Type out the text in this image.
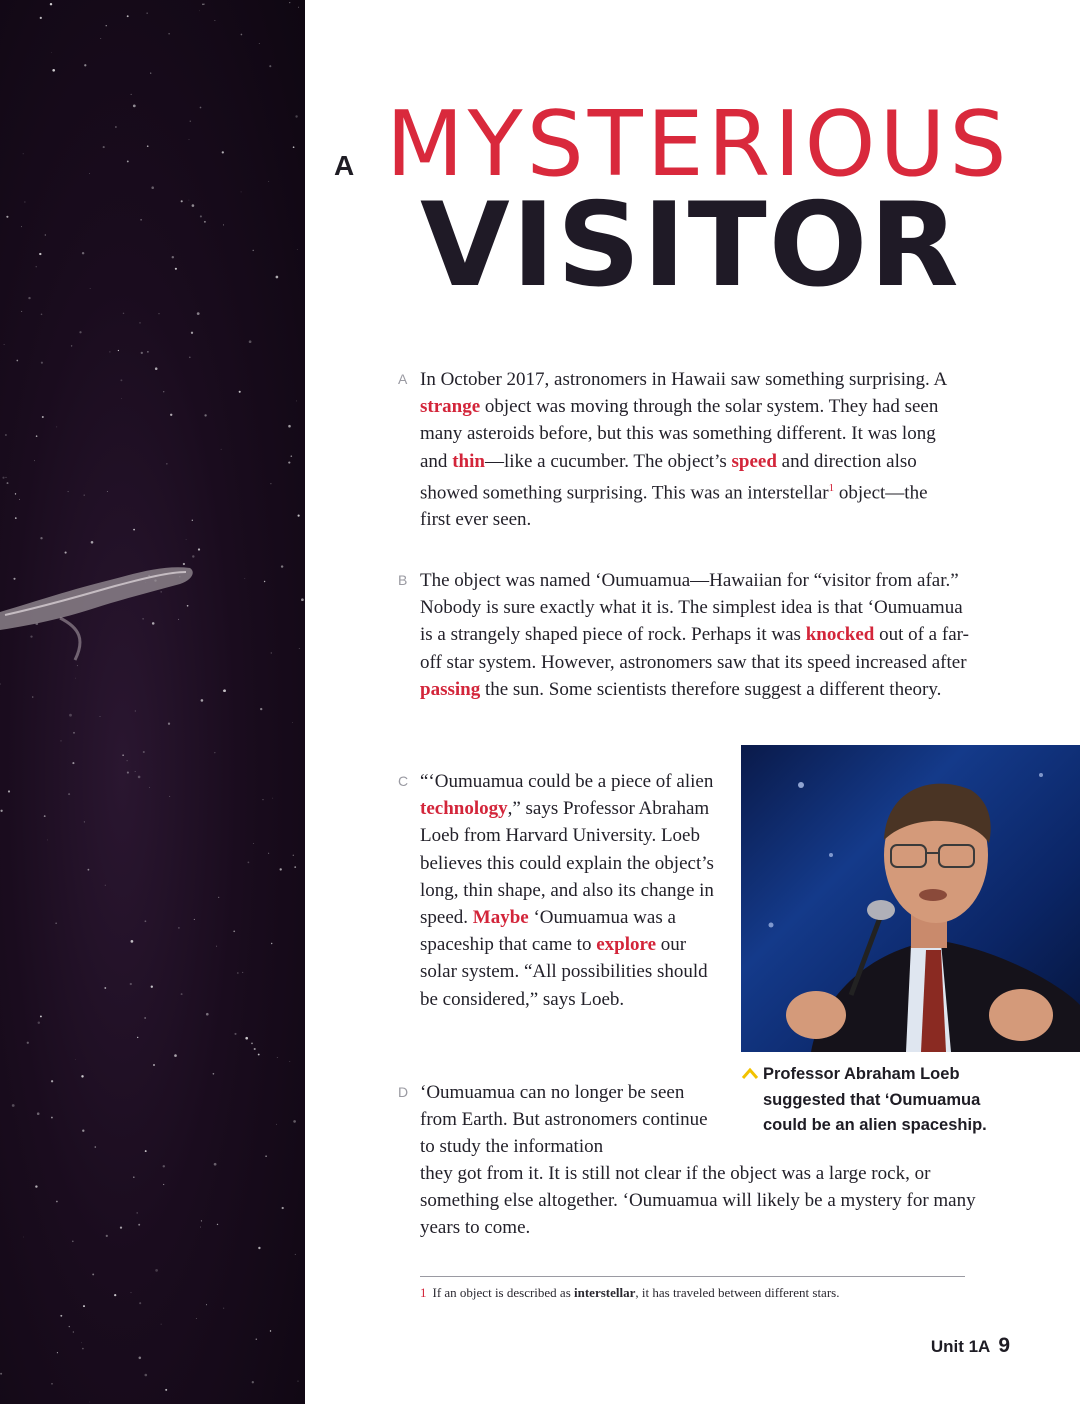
A MYSTERIOUS
VISITOR
A In October 2017, astronomers in Hawaii saw something surprising. A strange object was moving through the solar system. They had seen many asteroids before, but this was something different. It was long and thin—like a cucumber. The object’s speed and direction also showed something surprising. This was an interstellar$^1$ object—the first ever seen.
B The object was named ‘Oumuamua—Hawaiian for “visitor from afar.” Nobody is sure exactly what it is. The simplest idea is that ‘Oumuamua is a strangely shaped piece of rock. Perhaps it was knocked out of a far-off star system. However, astronomers saw that its speed increased after passing the sun. Some scientists therefore suggest a different theory.
C “‘Oumuamua could be a piece of alien technology,” says Professor Abraham Loeb from Harvard University. Loeb believes this could explain the object’s long, thin shape, and also its change in speed. Maybe ‘Oumuamua was a spaceship that came to explore our solar system. “All possibilities should be considered,” says Loeb.
Professor Abraham Loeb suggested that ‘Oumuamua could be an alien spaceship.
D ‘Oumuamua can no longer be seen from Earth. But astronomers continue to study the information
they got from it. It is still not clear if the object was a large rock, or something else altogether. ‘Oumuamua will likely be a mystery for many years to come.
1 If an object is described as interstellar, it has traveled between different stars.
Unit 1A 9
